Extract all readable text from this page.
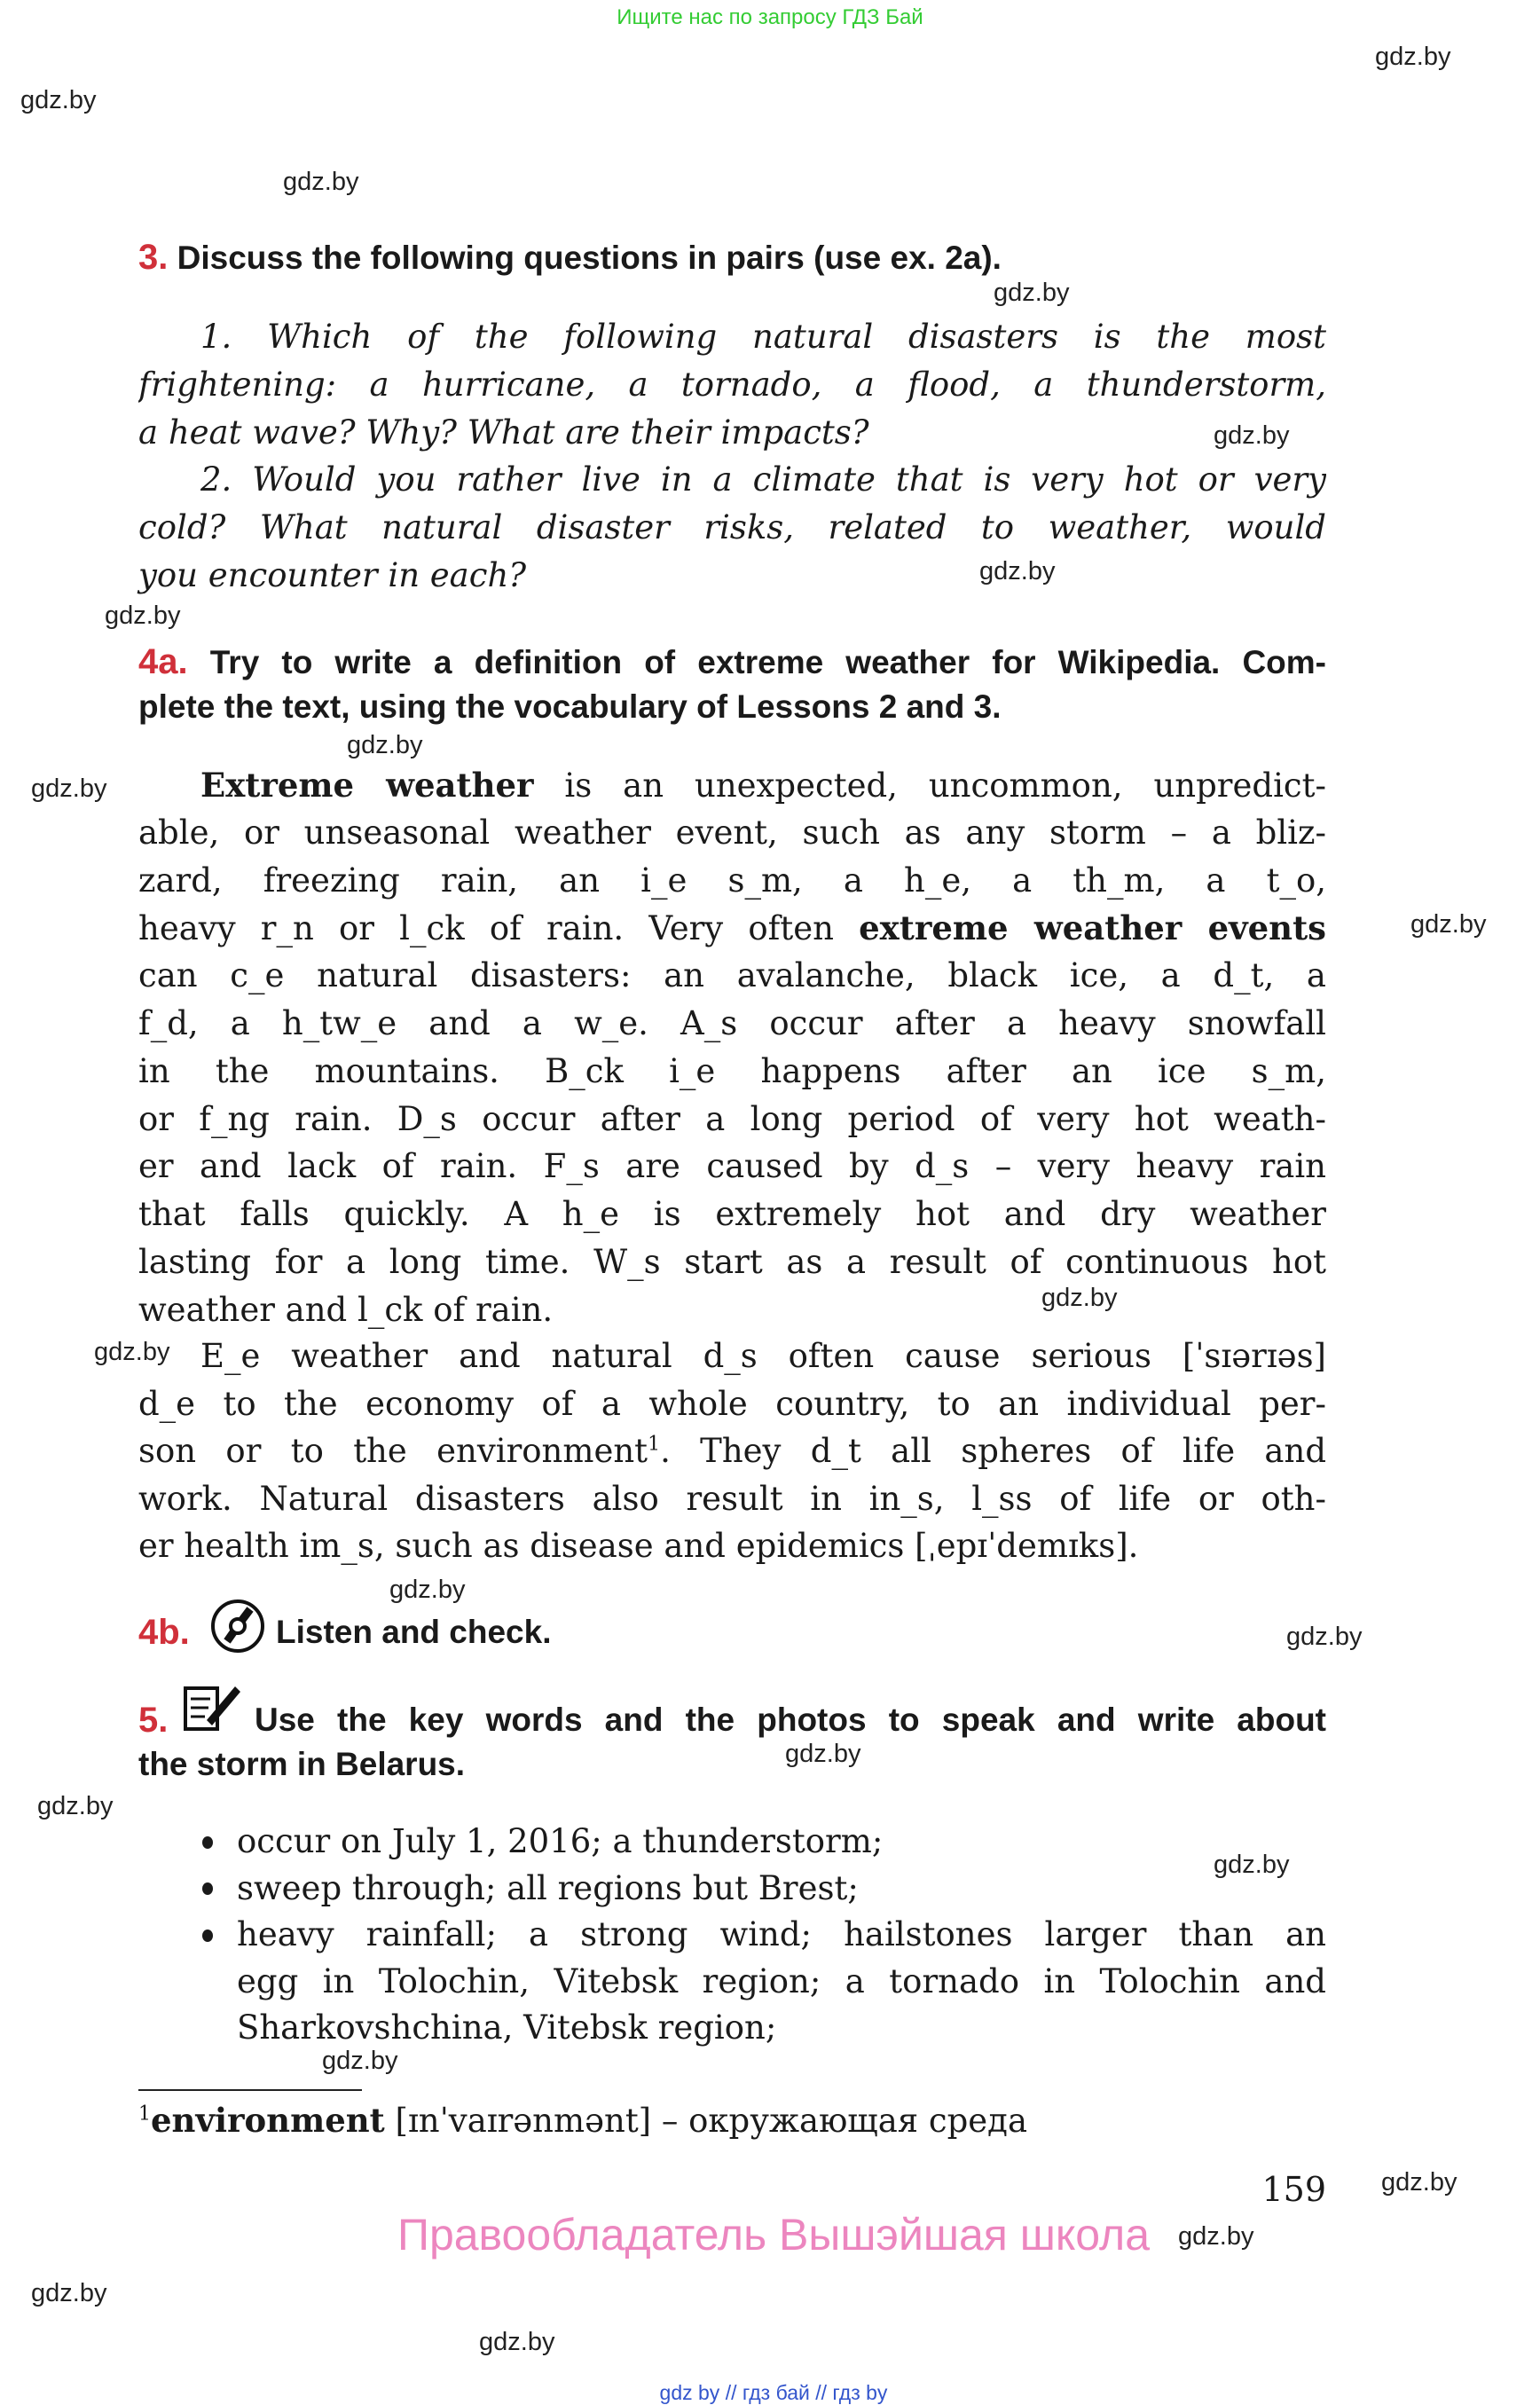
Ищите нас по запросу ГДЗ Бай
3. Discuss the following questions in pairs (use ex. 2a).
4a. Try to write a definition of extreme weather for Wikipedia. Com-
plete the text, using the vocabulary of Lessons 2 and 3.
4b.	Listen and check.
5.	Use the key words and the photos to speak and write about
the storm in Belarus.
1. Which of the following natural disasters is the most
frightening: a hurricane, a tornado, a flood, a thunderstorm,
a heat wave? Why? What are their impacts?
2. Would you rather live in a climate that is very hot or very
cold? What natural disaster risks, related to weather, would
you encounter in each?
Extreme weather is an unexpected, uncommon, unpredict-
able, or unseasonal weather event, such as any storm – a bliz-
zard, freezing rain, an i_e s_m, a h_e, a th_m, a t_o,
heavy r_n or l_ck of rain. Very often extreme weather events
can c_e natural disasters: an avalanche, black ice, a d_t, a
f_d, a h_tw_e and a w_e. A_s occur after a heavy snowfall
in the mountains. B_ck i_e happens after an ice s_m,
or f_ng rain. D_s occur after a long period of very hot weath-
er and lack of rain. F_s are caused by d_s – very heavy rain
that falls quickly. A h_e is extremely hot and dry weather
lasting for a long time. W_s start as a result of continuous hot
weather and l_ck of rain.
E_e weather and natural d_s often cause serious [ˈsɪərɪəs]
d_e to the economy of a whole country, to an individual per-
son or to the environment$^1$. They d_t all spheres of life and
work. Natural disasters also result in in_s, l_ss of life or oth-
er health im_s, such as disease and epidemics [ˌepɪˈdemɪks].
occur on July 1, 2016; a thunderstorm;
sweep through; all regions but Brest;
heavy rainfall; a strong wind; hailstones larger than an
egg in Tolochin, Vitebsk region; a tornado in Tolochin and
Sharkovshchina, Vitebsk region;
$^1$environment [ɪnˈvaɪrənmənt] – окружающая среда
159
Правообладатель Вышэйшая школа
gdz by // гдз бай // гдз by
gdz.by
gdz.by
gdz.by
gdz.by
gdz.by
gdz.by
gdz.by
gdz.by
gdz.by
gdz.by
gdz.by
gdz.by
gdz.by
gdz.by
gdz.by
gdz.by
gdz.by
gdz.by
gdz.by
gdz.by
gdz.by
gdz.by
